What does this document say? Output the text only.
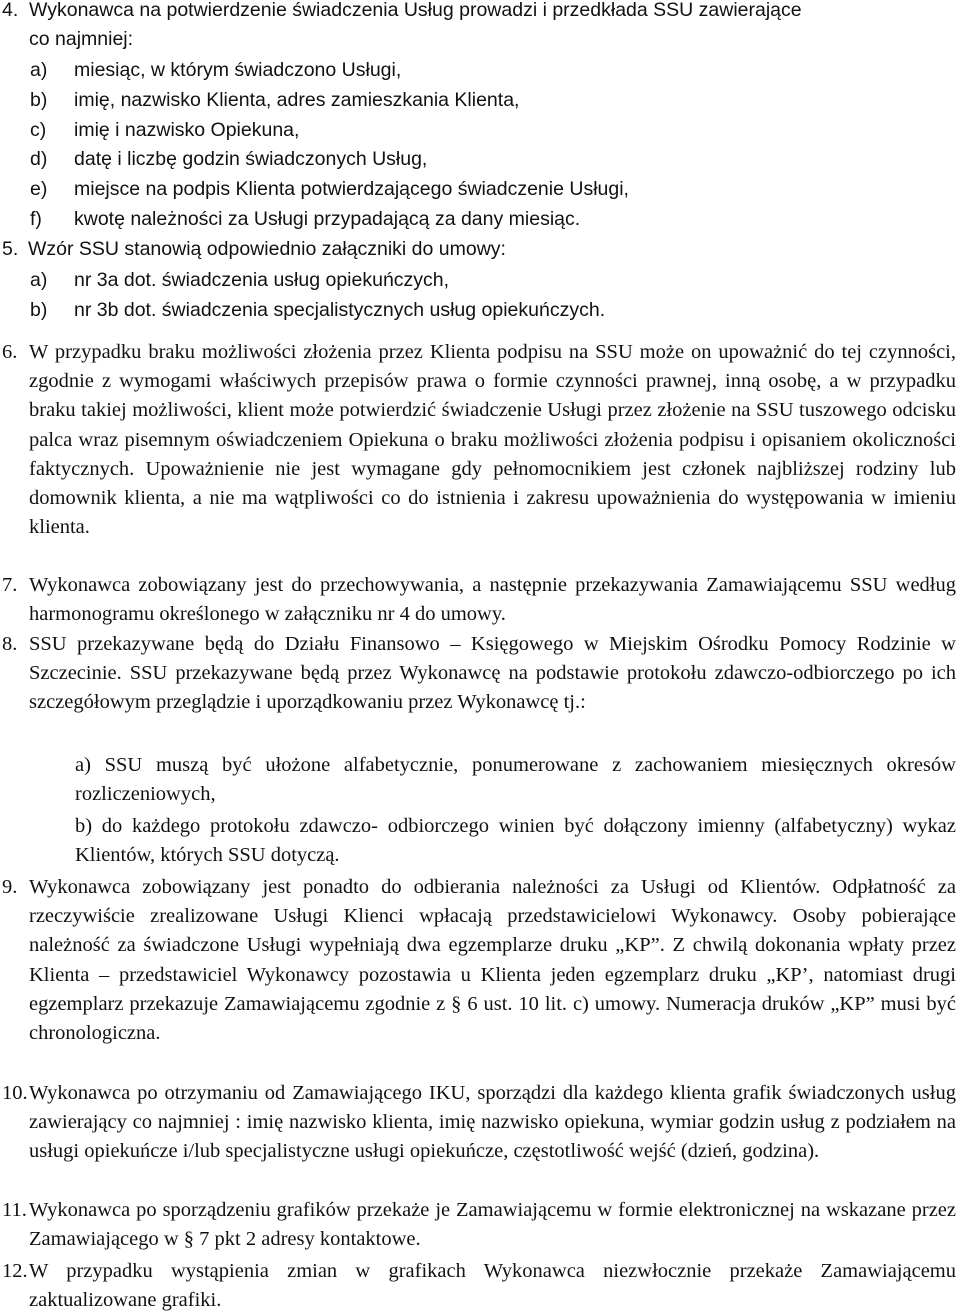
4. Wykonawca na potwierdzenie świadczenia Usług prowadzi i przedkłada SSU zawierające
co najmniej:
a) miesiąc, w którym świadczono Usługi,
b) imię, nazwisko Klienta, adres zamieszkania Klienta,
c) imię i nazwisko Opiekuna,
d) datę i liczbę godzin świadczonych Usług,
e) miejsce na podpis Klienta potwierdzającego świadczenie Usługi,
f) kwotę należności za Usługi przypadającą za dany miesiąc.
5. Wzór SSU stanowią odpowiednio załączniki do umowy:
a) nr 3a dot. świadczenia usług opiekuńczych,
b) nr 3b dot. świadczenia specjalistycznych usług opiekuńczych.
6. W przypadku braku możliwości złożenia przez Klienta podpisu na SSU może on upoważnić do tej czynności, zgodnie z wymogami właściwych przepisów prawa o formie czynności prawnej, inną osobę, a w przypadku braku takiej możliwości, klient może potwierdzić świadczenie Usługi przez złożenie na SSU tuszowego odcisku palca wraz pisemnym oświadczeniem Opiekuna o braku możliwości złożenia podpisu i opisaniem okoliczności faktycznych. Upoważnienie nie jest wymagane gdy pełnomocnikiem jest członek najbliższej rodziny lub domownik klienta, a nie ma wątpliwości co do istnienia i zakresu upoważnienia do występowania w imieniu klienta.
7. Wykonawca zobowiązany jest do przechowywania, a następnie przekazywania Zamawiającemu SSU według harmonogramu określonego w załączniku nr 4 do umowy.
8. SSU przekazywane będą do Działu Finansowo – Księgowego w Miejskim Ośrodku Pomocy Rodzinie w Szczecinie. SSU przekazywane będą przez Wykonawcę na podstawie protokołu zdawczo-odbiorczego po ich szczegółowym przeglądzie i uporządkowaniu przez Wykonawcę tj.:
a) SSU muszą być ułożone alfabetycznie, ponumerowane z zachowaniem miesięcznych okresów rozliczeniowych,
b) do każdego protokołu zdawczo- odbiorczego winien być dołączony imienny (alfabetyczny) wykaz Klientów, których SSU dotyczą.
9. Wykonawca zobowiązany jest ponadto do odbierania należności za Usługi od Klientów. Odpłatność za rzeczywiście zrealizowane Usługi Klienci wpłacają przedstawicielowi Wykonawcy. Osoby pobierające należność za świadczone Usługi wypełniają dwa egzemplarze druku „KP”. Z chwilą dokonania wpłaty przez Klienta – przedstawiciel Wykonawcy pozostawia u Klienta jeden egzemplarz druku „KP’, natomiast drugi egzemplarz przekazuje Zamawiającemu zgodnie z § 6 ust. 10 lit. c) umowy. Numeracja druków „KP” musi być chronologiczna.
10. Wykonawca po otrzymaniu od Zamawiającego IKU, sporządzi dla każdego klienta grafik świadczonych usług zawierający co najmniej : imię nazwisko klienta, imię nazwisko opiekuna, wymiar godzin usług z podziałem na usługi opiekuńcze i/lub specjalistyczne usługi opiekuńcze, częstotliwość wejść (dzień, godzina).
11. Wykonawca po sporządzeniu grafików przekaże je Zamawiającemu w formie elektronicznej na wskazane przez Zamawiającego w § 7 pkt 2 adresy kontaktowe.
12. W przypadku wystąpienia zmian w grafikach Wykonawca niezwłocznie przekaże Zamawiającemu zaktualizowane grafiki.
